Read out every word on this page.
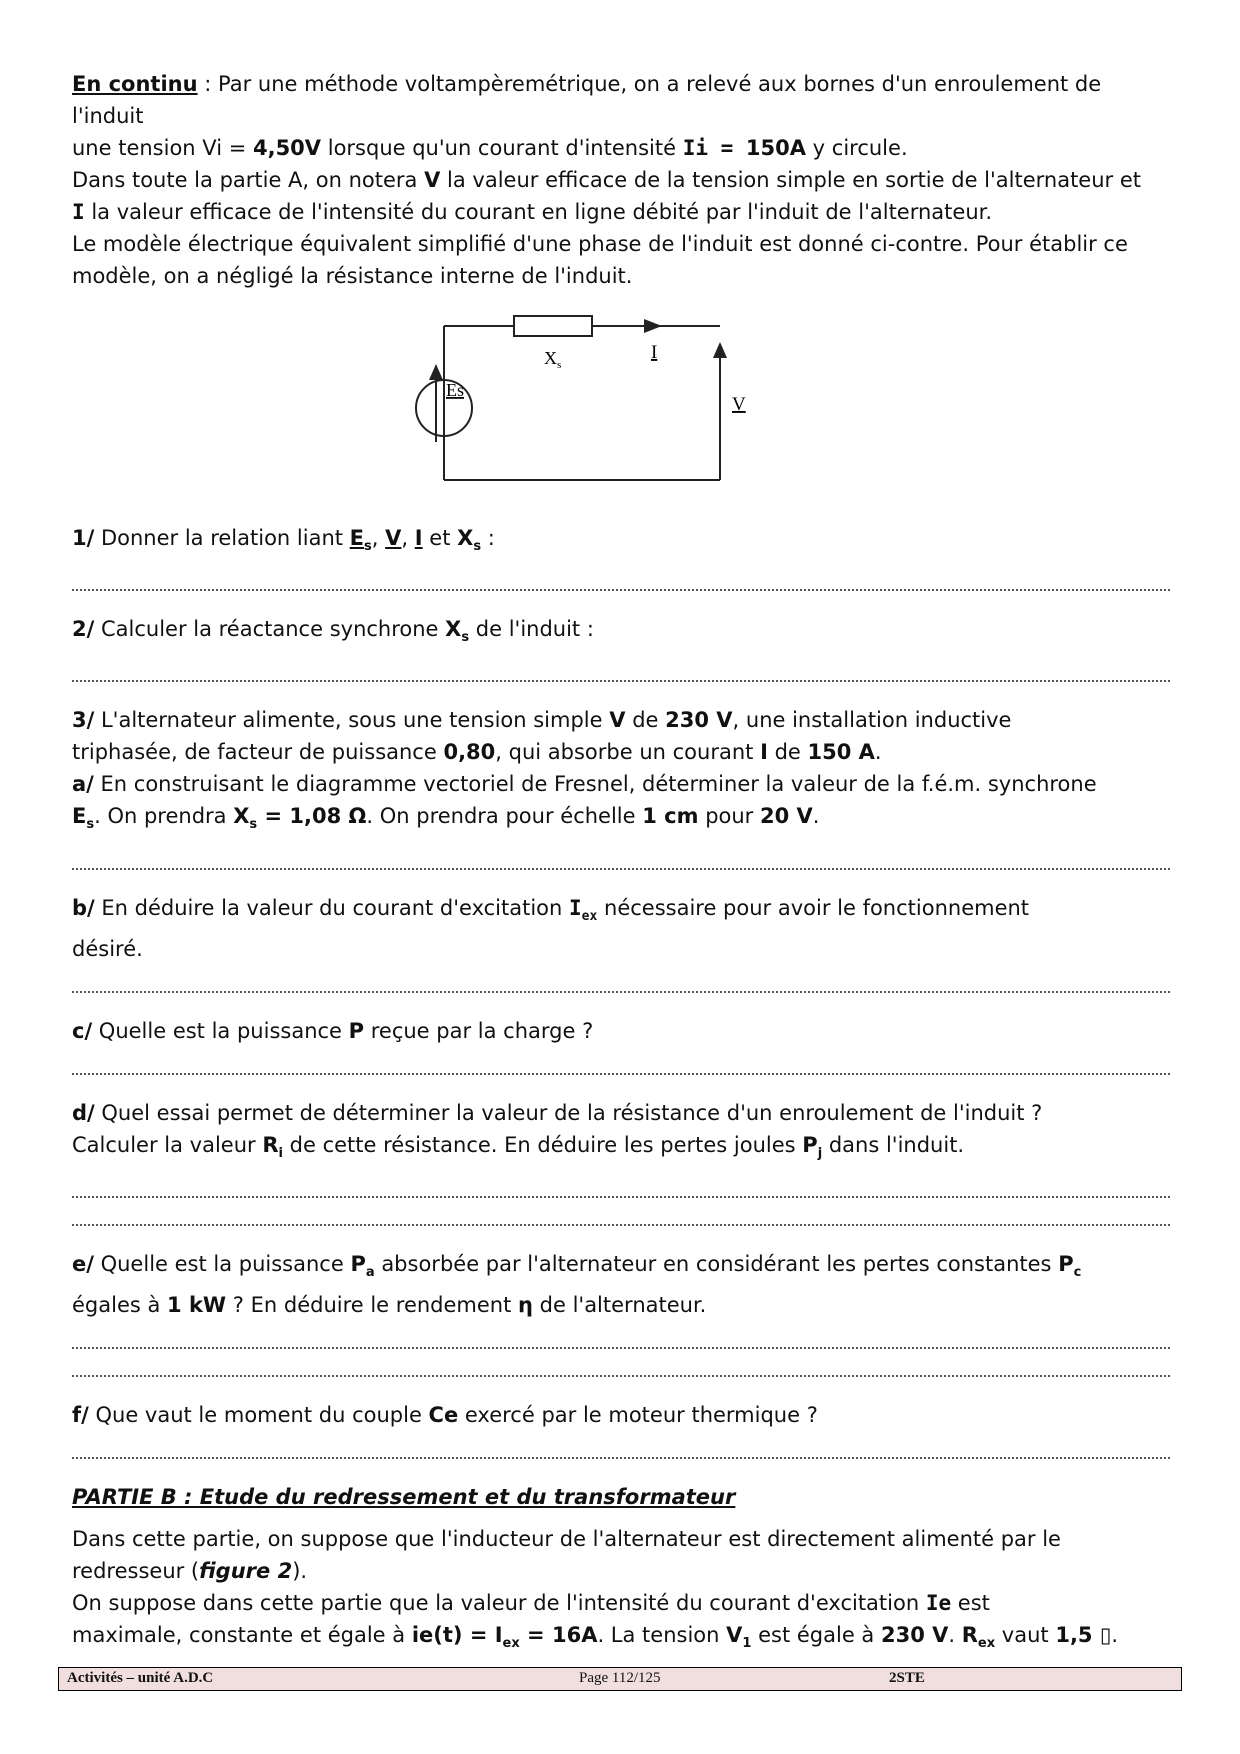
En continu : Par une méthode voltampèremétrique, on a relevé aux bornes d'un enroulement de l'induit

une tension Vi = 4,50V lorsque qu'un courant d'intensité Ii = 150A y circule.

Dans toute la partie A, on notera V la valeur efficace de la tension simple en sortie de l'alternateur et

I la valeur efficace de l'intensité du courant en ligne débité par l'induit de l'alternateur.

Le modèle électrique équivalent simplifié d'une phase de l'induit est donné ci-contre. Pour établir ce

modèle, on a négligé la résistance interne de l'induit.

Es
$X_s$
I
V

1/ Donner la relation liant $E_s$, V, I et $X_s$ :

2/ Calculer la réactance synchrone $X_s$ de l'induit :

3/ L'alternateur alimente, sous une tension simple V de 230 V, une installation inductive

triphasée, de facteur de puissance 0,80, qui absorbe un courant I de 150 A.

a/ En construisant le diagramme vectoriel de Fresnel, déterminer la valeur de la f.é.m. synchrone

$E_s$. On prendra $X_s = 1,08$ Ω. On prendra pour échelle 1 cm pour 20 V.

b/ En déduire la valeur du courant d'excitation $I_{ex}$ nécessaire pour avoir le fonctionnement

désiré.

c/ Quelle est la puissance P reçue par la charge ?

d/ Quel essai permet de déterminer la valeur de la résistance d'un enroulement de l'induit ?

Calculer la valeur $R_i$ de cette résistance. En déduire les pertes joules $P_j$ dans l'induit.

e/ Quelle est la puissance $P_a$ absorbée par l'alternateur en considérant les pertes constantes $P_c$

égales à 1 kW ? En déduire le rendement η de l'alternateur.

f/ Que vaut le moment du couple Ce exercé par le moteur thermique ?

PARTIE B : Etude du redressement et du transformateur

Dans cette partie, on suppose que l'inducteur de l'alternateur est directement alimenté par le

redresseur (figure 2).

On suppose dans cette partie que la valeur de l'intensité du courant d'excitation Ie est

maximale, constante et égale à $ie(t) = I_{ex} = 16A$. La tension $V_1$ est égale à 230 V. $R_{ex}$ vaut 1,5 ▯.

Activités – unité A.D.C	Page 112/125	2STE
